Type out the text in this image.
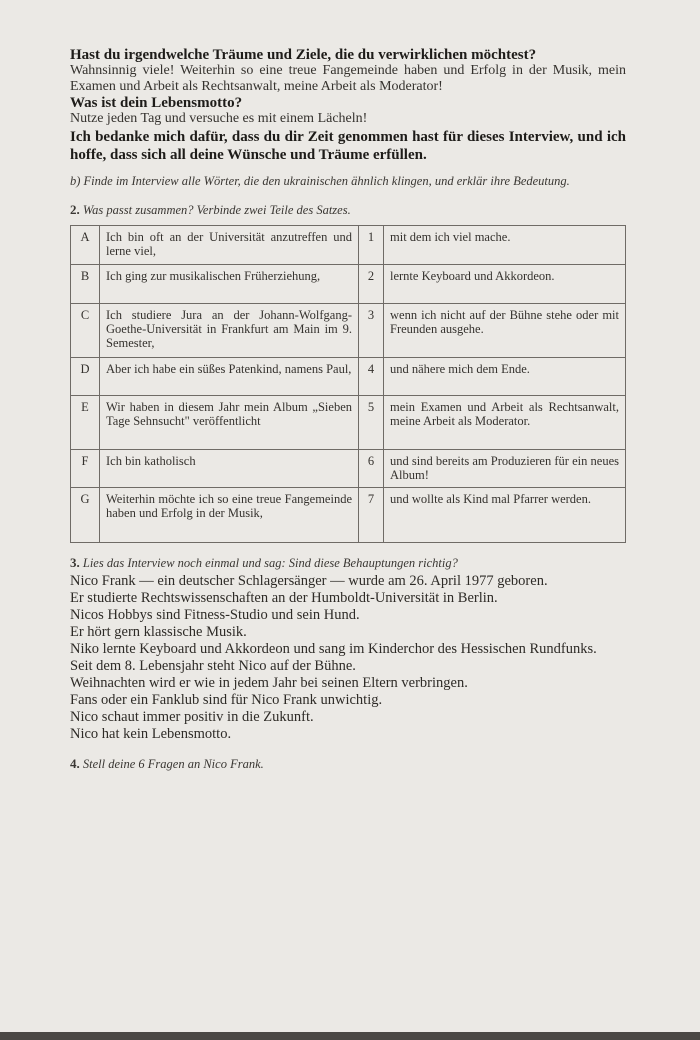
Hast du irgendwelche Träume und Ziele, die du verwirklichen möchtest?
Wahnsinnig viele! Weiterhin so eine treue Fangemeinde haben und Erfolg in der Musik, mein Examen und Arbeit als Rechtsanwalt, meine Arbeit als Moderator!
Was ist dein Lebensmotto?
Nutze jeden Tag und versuche es mit einem Lächeln!
Ich bedanke mich dafür, dass du dir Zeit genommen hast für dieses Interview, und ich hoffe, dass sich all deine Wünsche und Träume erfüllen.
b) Finde im Interview alle Wörter, die den ukrainischen ähnlich klingen, und erklär ihre Bedeutung.
2. Was passt zusammen? Verbinde zwei Teile des Satzes.
A	Ich bin oft an der Universität anzutreffen und lerne viel,	1	mit dem ich viel mache.
B	Ich ging zur musikalischen Früherziehung,	2	lernte Keyboard und Akkordeon.
C	Ich studiere Jura an der Johann-Wolfgang-Goethe-Universität in Frankfurt am Main im 9. Semester,	3	wenn ich nicht auf der Bühne stehe oder mit Freunden ausgehe.
D	Aber ich habe ein süßes Patenkind, namens Paul,	4	und nähere mich dem Ende.
E	Wir haben in diesem Jahr mein Album „Sieben Tage Sehnsucht" veröffentlicht	5	mein Examen und Arbeit als Rechtsanwalt, meine Arbeit als Moderator.
F	Ich bin katholisch	6	und sind bereits am Produzieren für ein neues Album!
G	Weiterhin möchte ich so eine treue Fangemeinde haben und Erfolg in der Musik,	7	und wollte als Kind mal Pfarrer werden.
3. Lies das Interview noch einmal und sag: Sind diese Behauptungen richtig?
Nico Frank — ein deutscher Schlagersänger — wurde am 26. April 1977 geboren.
Er studierte Rechtswissenschaften an der Humboldt-Universität in Berlin.
Nicos Hobbys sind Fitness-Studio und sein Hund.
Er hört gern klassische Musik.
Niko lernte Keyboard und Akkordeon und sang im Kinderchor des Hessischen Rundfunks.
Seit dem 8. Lebensjahr steht Nico auf der Bühne.
Weihnachten wird er wie in jedem Jahr bei seinen Eltern verbringen.
Fans oder ein Fanklub sind für Nico Frank unwichtig.
Nico schaut immer positiv in die Zukunft.
Nico hat kein Lebensmotto.
4. Stell deine 6 Fragen an Nico Frank.
